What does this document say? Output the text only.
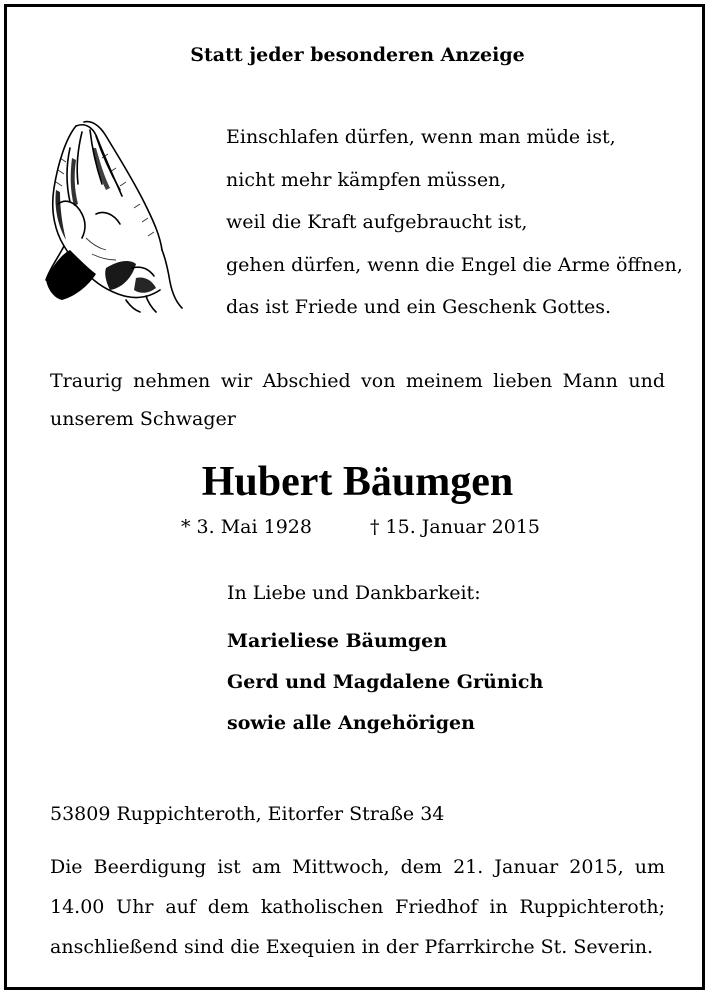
Statt jeder besonderen Anzeige
Einschlafen dürfen, wenn man müde ist,
nicht mehr kämpfen müssen,
weil die Kraft aufgebraucht ist,
gehen dürfen, wenn die Engel die Arme öffnen,
das ist Friede und ein Geschenk Gottes.
Traurig nehmen wir Abschied von meinem lieben Mann und
unserem Schwager
Hubert Bäumgen
* 3. Mai 1928	† 15. Januar 2015
In Liebe und Dankbarkeit:
Marieliese Bäumgen
Gerd und Magdalene Grünich
sowie alle Angehörigen
53809 Ruppichteroth, Eitorfer Straße 34
Die Beerdigung ist am Mittwoch, dem 21. Januar 2015, um
14.00 Uhr auf dem katholischen Friedhof in Ruppichteroth;
anschließend sind die Exequien in der Pfarrkirche St. Severin.
